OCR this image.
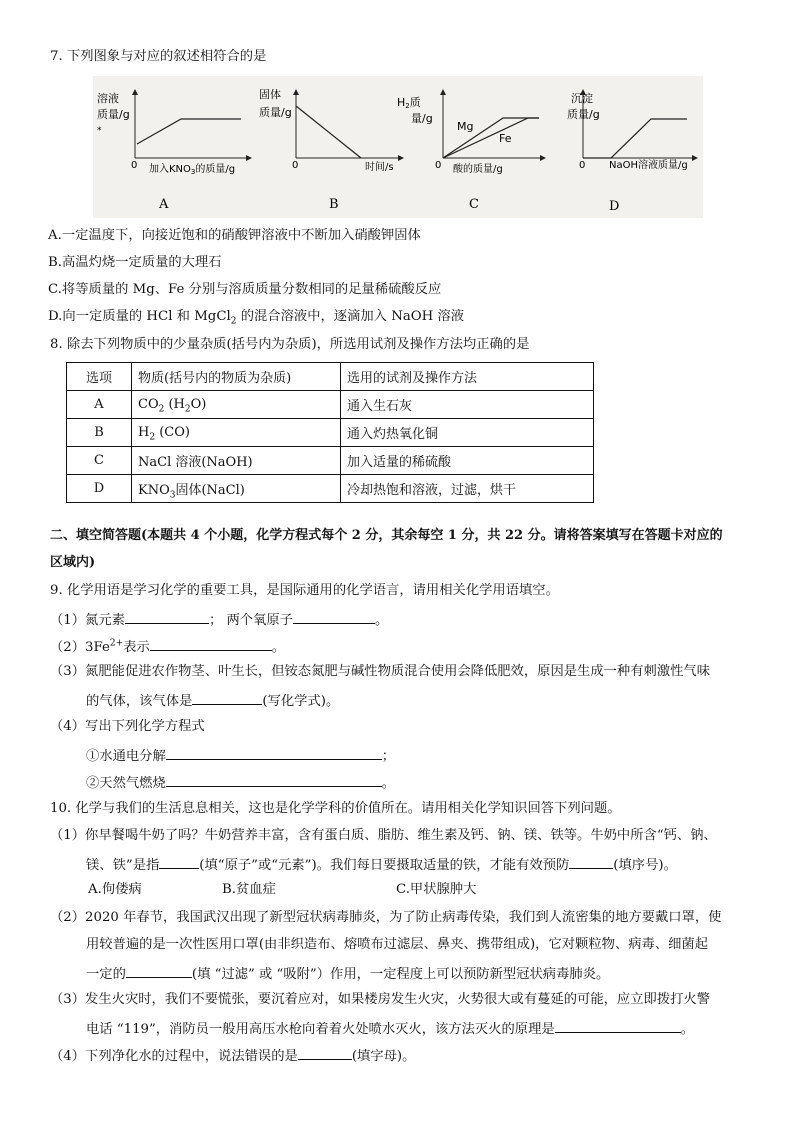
7. 下列图象与对应的叙述相符合的是
溶液
质量/g
*
0 加入$KNO_3$的质量/g
A
固体
质量/g
0	时间/s
B
H2质
量/g
Mg
Fe
0 酸的质量/g
C
沉淀
质量/g
0 NaOH溶液质量/g
D
A.一定温度下，向接近饱和的硝酸钾溶液中不断加入硝酸钾固体
B.高温灼烧一定质量的大理石
C.将等质量的 Mg、Fe 分别与溶质质量分数相同的足量稀硫酸反应
D.向一定质量的 HCl 和 MgCl$_2$ 的混合溶液中，逐滴加入 NaOH 溶液
8. 除去下列物质中的少量杂质(括号内为杂质)，所选用试剂及操作方法均正确的是
选项	物质(括号内的物质为杂质)	选用的试剂及操作方法
A	$CO_2$ $(H_2O)$	通入生石灰
B	$H_2$ (CO)	通入灼热氧化铜
C	NaCl 溶液(NaOH)	加入适量的稀硫酸
D	$KNO_3$固体(NaCl)	冷却热饱和溶液，过滤，烘干
二、填空简答题(本题共 4 个小题，化学方程式每个 2 分，其余每空 1 分，共 22 分。请将答案填写在答题卡对应的
区域内)
9. 化学用语是学习化学的重要工具，是国际通用的化学语言，请用相关化学用语填空。
（1）氮元素	； 两个氧原子	。
$(2)3Fe^{2+}$表示	。
（3）氮肥能促进农作物茎、叶生长，但铵态氮肥与碱性物质混合使用会降低肥效，原因是生成一种有刺激性气味
的气体，该气体是	(写化学式)。
（4）写出下列化学方程式
①水通电分解	；
②天然气燃烧	。
10. 化学与我们的生活息息相关，这也是化学学科的价值所在。请用相关化学知识回答下列问题。
（1）你早餐喝牛奶了吗？牛奶营养丰富，含有蛋白质、脂肪、维生素及钙、钠、镁、铁等。牛奶中所含“钙、钠、
镁、铁”是指	(填“原子”或“元素”)。我们每日要摄取适量的铁，才能有效预防	(填序号)。
A.佝偻病	B.贫血症	C.甲状腺肿大
（2）2020 年春节，我国武汉出现了新型冠状病毒肺炎，为了防止病毒传染，我们到人流密集的地方要戴口罩，使
用较普遍的是一次性医用口罩(由非织造布、熔喷布过滤层、鼻夹、携带组成)，它对颗粒物、病毒、细菌起
一定的	(填 “过滤” 或 “吸附”）作用，一定程度上可以预防新型冠状病毒肺炎。
（3）发生火灾时，我们不要慌张，要沉着应对，如果楼房发生火灾，火势很大或有蔓延的可能，应立即拨打火警
电话 “119”，消防员一般用高压水枪向着着火处喷水灭火，该方法灭火的原理是	。
（4）下列净化水的过程中，说法错误的是	(填字母)。
